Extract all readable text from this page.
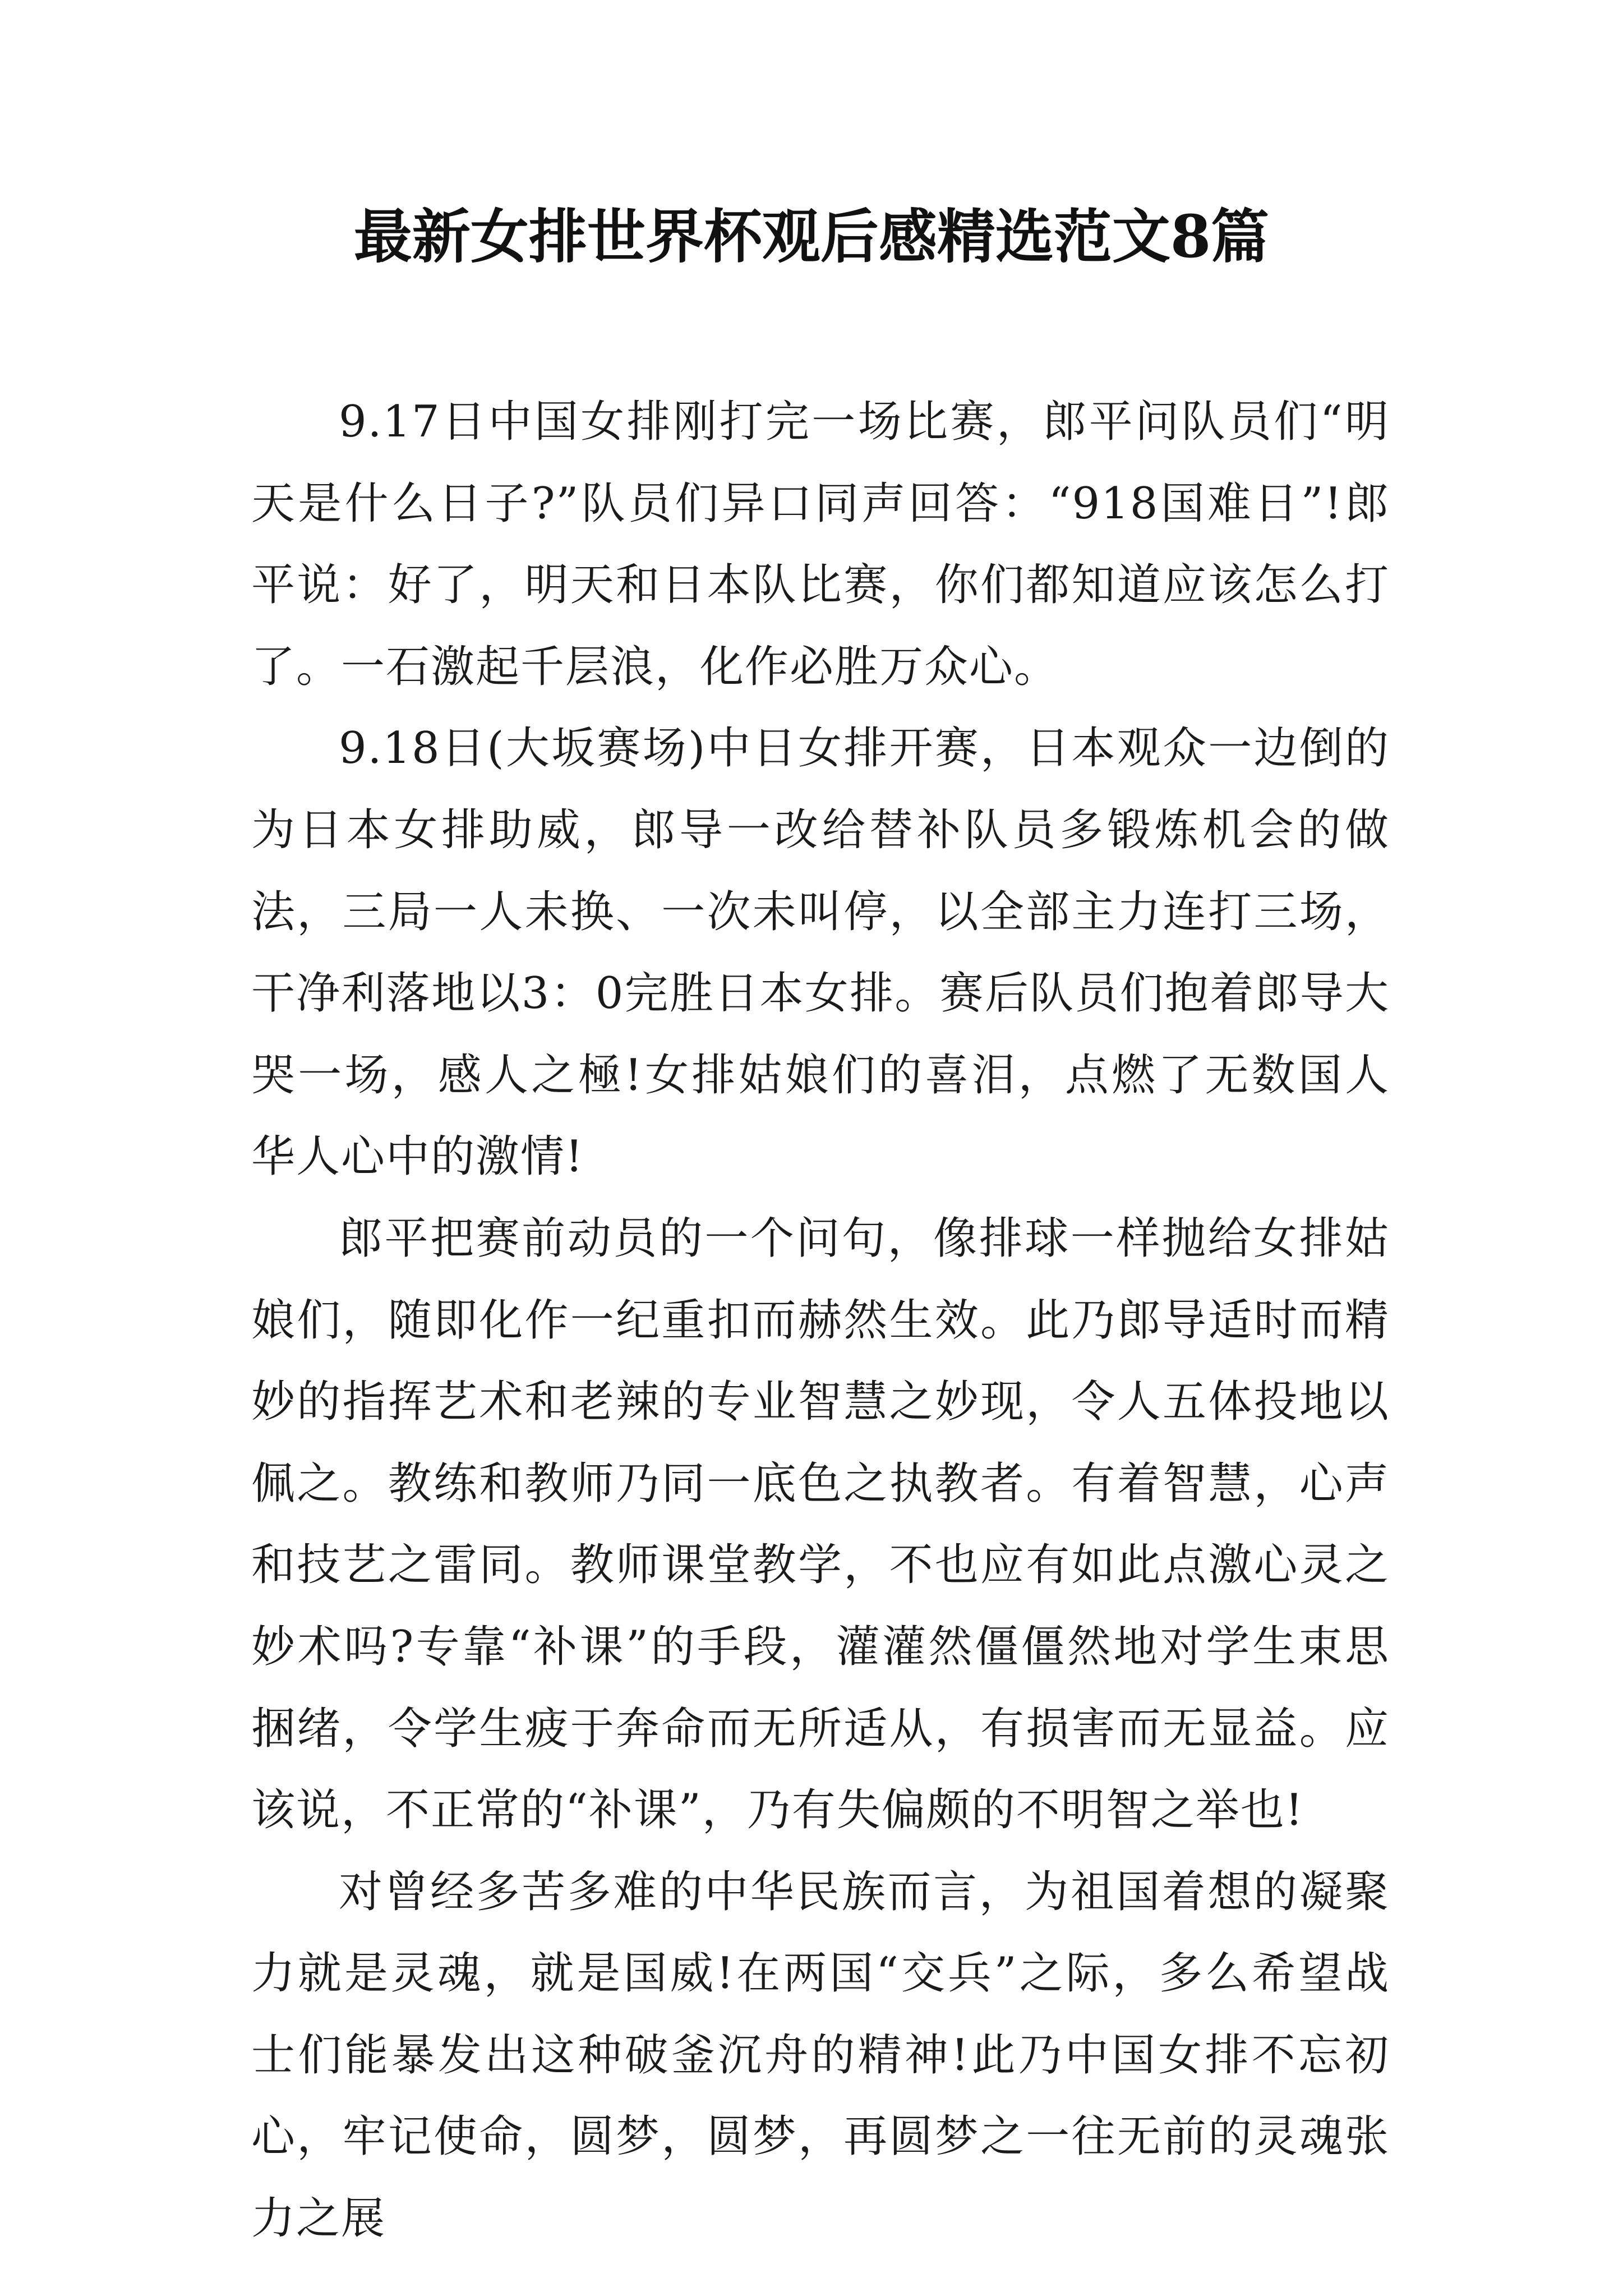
最新女排世界杯观后感精选范文8篇

9.17日中国女排刚打完一场比赛，郎平问队员们“明天是什么日子?”队员们异口同声回答：“918国难日”!郎平说：好了，明天和日本队比赛，你们都知道应该怎么打了。一石激起千层浪，化作必胜万众心。

9.18日(大坂赛场)中日女排开赛，日本观众一边倒的为日本女排助威，郎导一改给替补队员多锻炼机会的做法，三局一人未换、一次未叫停，以全部主力连打三场，干净利落地以3：0完胜日本女排。赛后队员们抱着郎导大哭一场，感人之極!女排姑娘们的喜泪，点燃了无数国人华人心中的激情!

郎平把赛前动员的一个问句，像排球一样抛给女排姑娘们，随即化作一纪重扣而赫然生效。此乃郎导适时而精妙的指挥艺术和老辣的专业智慧之妙现，令人五体投地以佩之。教练和教师乃同一底色之执教者。有着智慧，心声和技艺之雷同。教师课堂教学，不也应有如此点激心灵之妙术吗?专靠“补课”的手段，灌灌然僵僵然地对学生束思捆绪，令学生疲于奔命而无所适从，有损害而无显益。应该说，不正常的“补课”，乃有失偏颇的不明智之举也!

对曾经多苦多难的中华民族而言，为祖国着想的凝聚力就是灵魂，就是国威!在两国“交兵”之际，多么希望战士们能暴发出这种破釜沉舟的精神!此乃中国女排不忘初心，牢记使命，圆梦，圆梦，再圆梦之一往无前的灵魂张力之展
